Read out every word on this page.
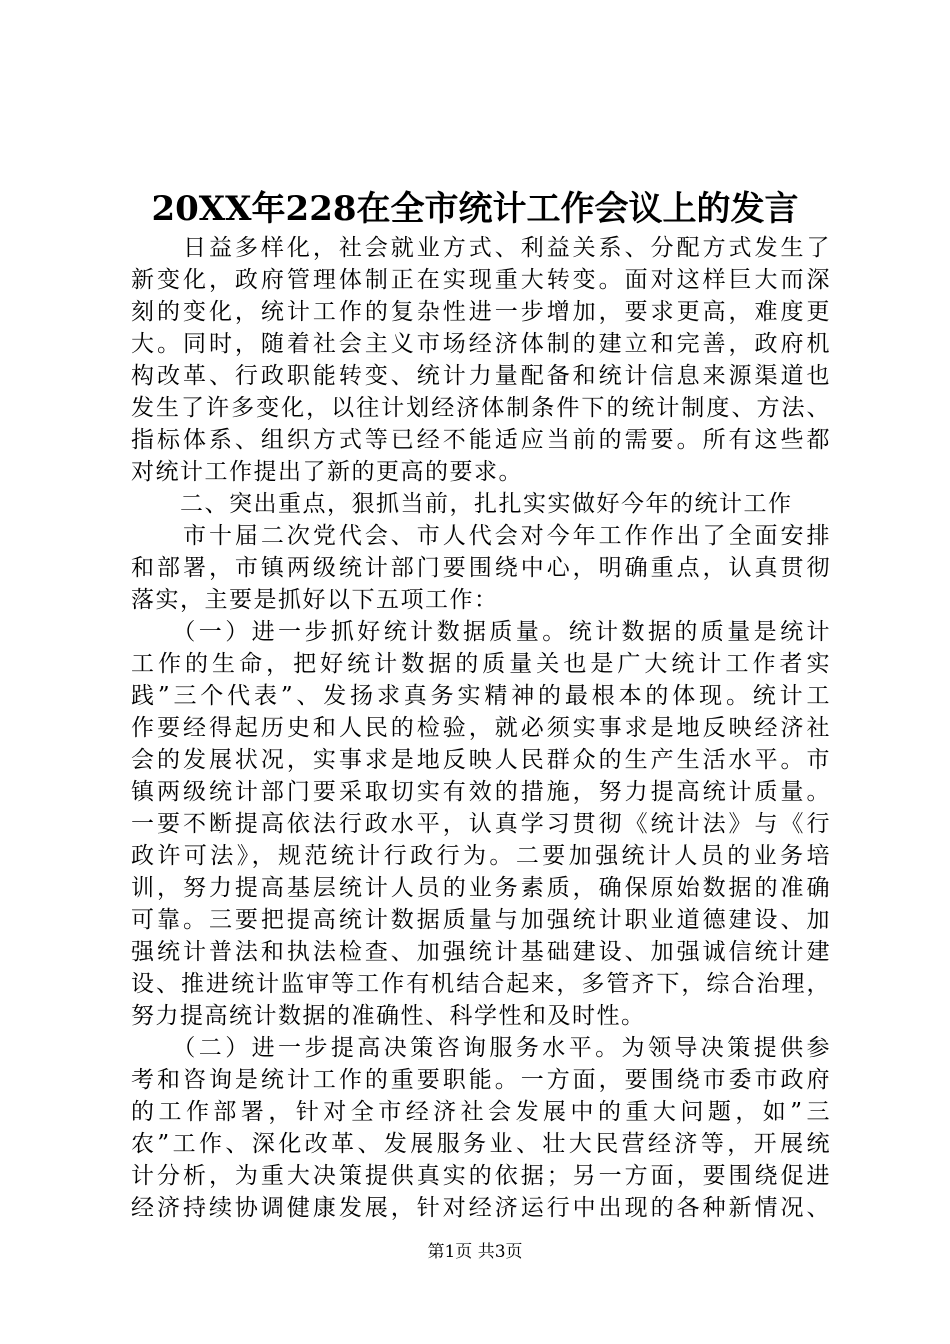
20XX年228在全市统计工作会议上的发言
　　日益多样化，社会就业方式、利益关系、分配方式发生了
新变化，政府管理体制正在实现重大转变。面对这样巨大而深
刻的变化，统计工作的复杂性进一步增加，要求更高，难度更
大。同时，随着社会主义市场经济体制的建立和完善，政府机
构改革、行政职能转变、统计力量配备和统计信息来源渠道也
发生了许多变化，以往计划经济体制条件下的统计制度、方法、
指标体系、组织方式等已经不能适应当前的需要。所有这些都
对统计工作提出了新的更高的要求。
　　二、突出重点，狠抓当前，扎扎实实做好今年的统计工作
　　市十届二次党代会、市人代会对今年工作作出了全面安排
和部署，市镇两级统计部门要围绕中心，明确重点，认真贯彻
落实，主要是抓好以下五项工作：
　　（一）进一步抓好统计数据质量。统计数据的质量是统计
工作的生命，把好统计数据的质量关也是广大统计工作者实
践”三个代表”、发扬求真务实精神的最根本的体现。统计工
作要经得起历史和人民的检验，就必须实事求是地反映经济社
会的发展状况，实事求是地反映人民群众的生产生活水平。市
镇两级统计部门要采取切实有效的措施，努力提高统计质量。
一要不断提高依法行政水平，认真学习贯彻《统计法》与《行
政许可法》，规范统计行政行为。二要加强统计人员的业务培
训，努力提高基层统计人员的业务素质，确保原始数据的准确
可靠。三要把提高统计数据质量与加强统计职业道德建设、加
强统计普法和执法检查、加强统计基础建设、加强诚信统计建
设、推进统计监审等工作有机结合起来，多管齐下，综合治理，
努力提高统计数据的准确性、科学性和及时性。
　　（二）进一步提高决策咨询服务水平。为领导决策提供参
考和咨询是统计工作的重要职能。一方面，要围绕市委市政府
的工作部署，针对全市经济社会发展中的重大问题，如”三
农”工作、深化改革、发展服务业、壮大民营经济等，开展统
计分析，为重大决策提供真实的依据；另一方面，要围绕促进
经济持续协调健康发展，针对经济运行中出现的各种新情况、
第1页 共3页
